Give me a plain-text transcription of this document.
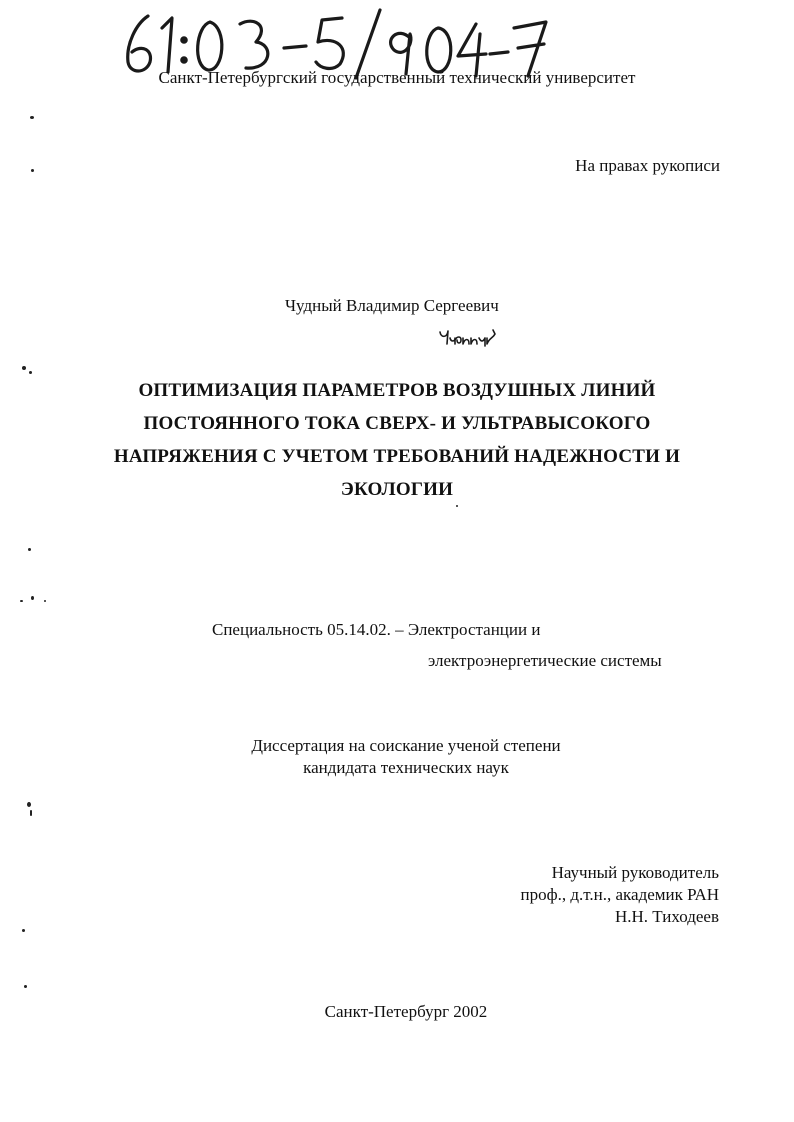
Санкт-Петербургский государственный технический университет
На правах рукописи
Чудный Владимир Сергеевич
ОПТИМИЗАЦИЯ ПАРАМЕТРОВ ВОЗДУШНЫХ ЛИНИЙ
ПОСТОЯННОГО ТОКА СВЕРХ- И УЛЬТРАВЫСОКОГО
НАПРЯЖЕНИЯ С УЧЕТОМ ТРЕБОВАНИЙ НАДЕЖНОСТИ И
ЭКОЛОГИИ
Специальность 05.14.02. – Электростанции и
электроэнергетические системы
Диссертация на соискание ученой степени
кандидата технических наук
Научный руководитель
проф., д.т.н., академик РАН
Н.Н. Тиходеев
Санкт-Петербург 2002
